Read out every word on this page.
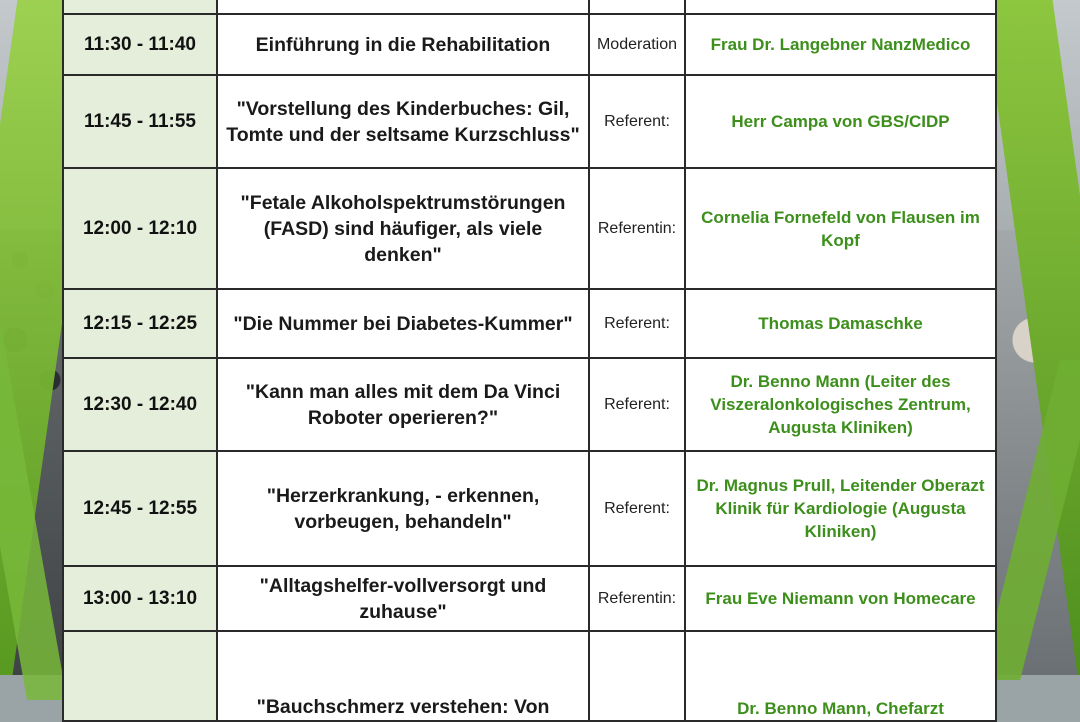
11:30 - 11:40	Einführung in die Rehabilitation	Moderation	Frau Dr. Langebner NanzMedico
11:45 - 11:55	"Vorstellung des Kinderbuches: Gil, Tomte und der seltsame Kurzschluss"	Referent:	Herr Campa von GBS/CIDP
12:00 - 12:10	"Fetale Alkoholspektrumstörungen (FASD) sind häufiger, als viele denken"	Referentin:	Cornelia Fornefeld von Flausen im Kopf
12:15 - 12:25	"Die Nummer bei Diabetes-Kummer"	Referent:	Thomas Damaschke
12:30 - 12:40	"Kann man alles mit dem Da Vinci Roboter operieren?"	Referent:	Dr. Benno Mann (Leiter des Viszeralonkologisches Zentrum, Augusta Kliniken)
12:45 - 12:55	"Herzerkrankung, - erkennen, vorbeugen, behandeln"	Referent:	Dr. Magnus Prull, Leitender Oberazt Klinik für Kardiologie (Augusta Kliniken)
13:00 - 13:10	"Alltagshelfer-vollversorgt und zuhause"	Referentin:	Frau Eve Niemann von Homecare
	"Bauchschmerz verstehen: Von		Dr. Benno Mann, Chefarzt
